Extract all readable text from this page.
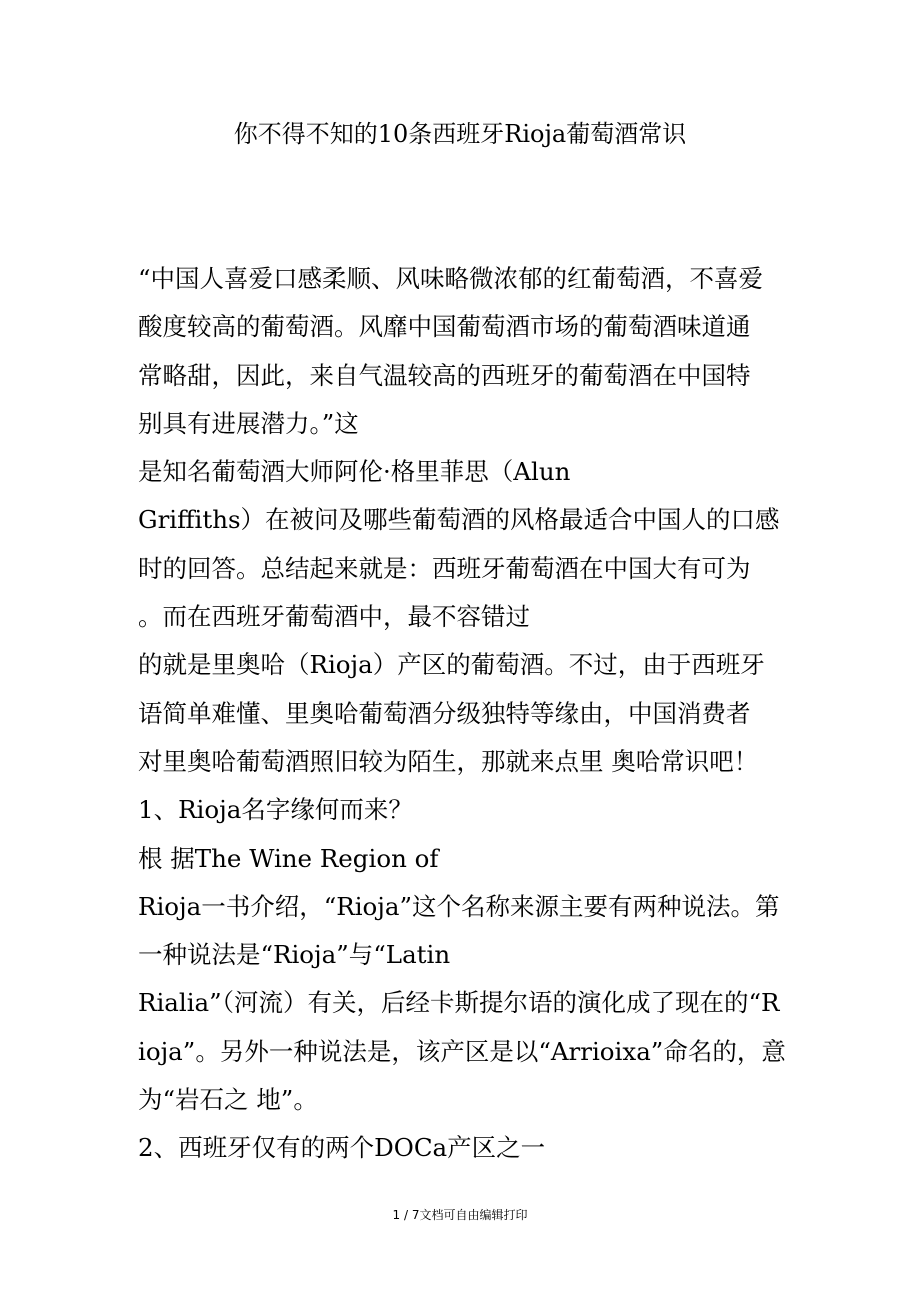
你不得不知的10条西班牙Rioja葡萄酒常识
“中国人喜爱口感柔顺、风味略微浓郁的红葡萄酒，不喜爱
酸度较高的葡萄酒。风靡中国葡萄酒市场的葡萄酒味道通
常略甜，因此，来自气温较高的西班牙的葡萄酒在中国特
别具有进展潜力。”这
是知名葡萄酒大师阿伦·格里菲思（Alun
Griffiths）在被问及哪些葡萄酒的风格最适合中国人的口感
时的回答。总结起来就是：西班牙葡萄酒在中国大有可为
。而在西班牙葡萄酒中，最不容错过
的就是里奥哈（Rioja）产区的葡萄酒。不过，由于西班牙
语简单难懂、里奥哈葡萄酒分级独特等缘由，中国消费者
对里奥哈葡萄酒照旧较为陌生，那就来点里 奥哈常识吧！
1、Rioja名字缘何而来？
根 据The Wine Region of
Rioja一书介绍，“Rioja”这个名称来源主要有两种说法。第
一种说法是“Rioja”与“Latin
Rialia”（河流）有关，后经卡斯提尔语的演化成了现在的“R
ioja”。另外一种说法是，该产区是以“Arrioixa”命名的，意
为“岩石之 地”。
2、西班牙仅有的两个DOCa产区之一
1 / 7文档可自由编辑打印
